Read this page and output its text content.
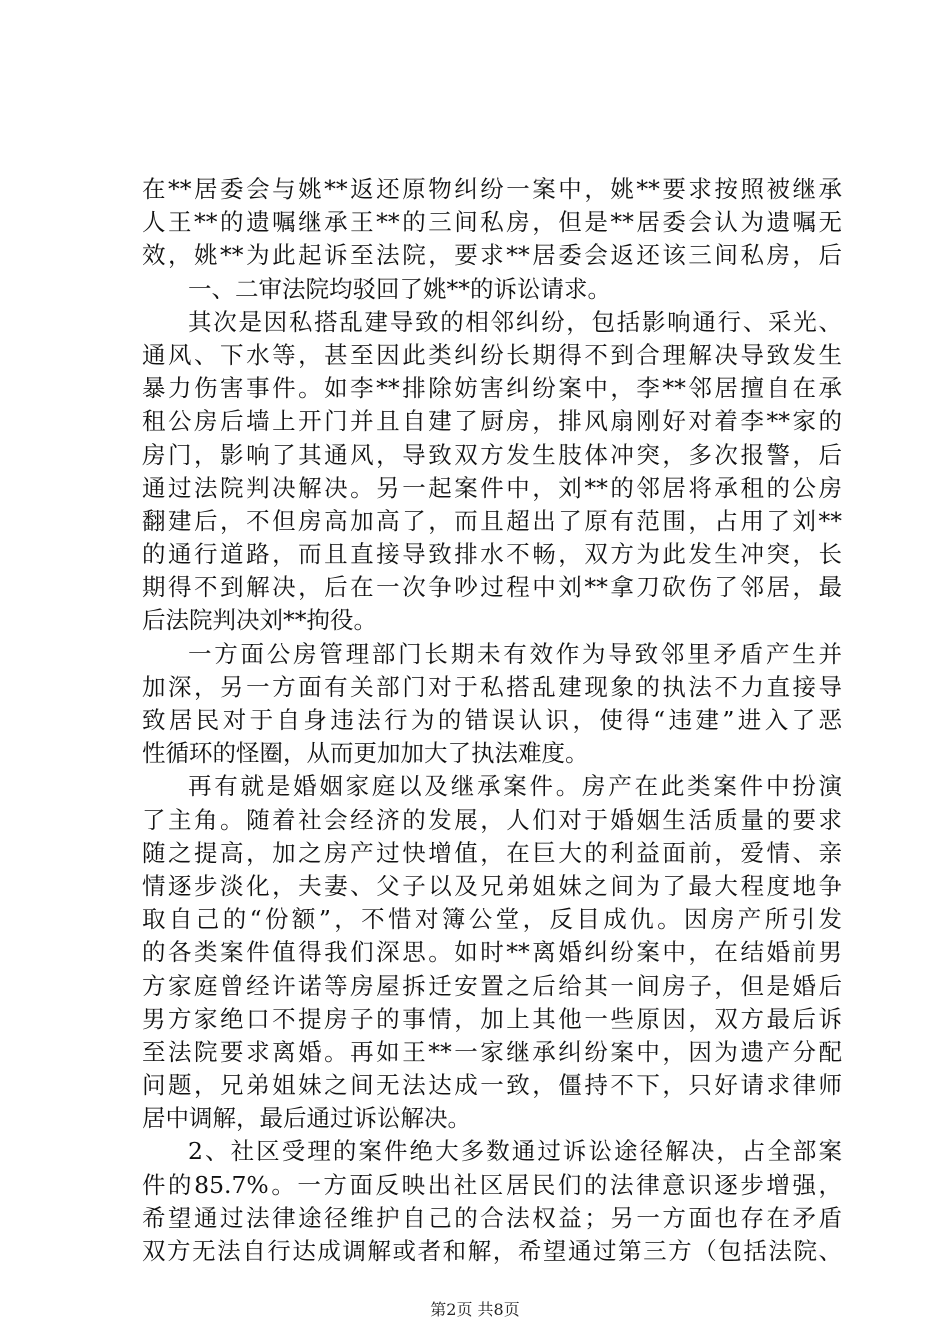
在**居委会与姚**返还原物纠纷一案中，姚**要求按照被继承
人王**的遗嘱继承王**的三间私房，但是**居委会认为遗嘱无
效，姚**为此起诉至法院，要求**居委会返还该三间私房，后
一、二审法院均驳回了姚**的诉讼请求。
其次是因私搭乱建导致的相邻纠纷，包括影响通行、采光、
通风、下水等，甚至因此类纠纷长期得不到合理解决导致发生
暴力伤害事件。如李**排除妨害纠纷案中，李**邻居擅自在承
租公房后墙上开门并且自建了厨房，排风扇刚好对着李**家的
房门，影响了其通风，导致双方发生肢体冲突，多次报警，后
通过法院判决解决。另一起案件中，刘**的邻居将承租的公房
翻建后，不但房高加高了，而且超出了原有范围，占用了刘**
的通行道路，而且直接导致排水不畅，双方为此发生冲突，长
期得不到解决，后在一次争吵过程中刘**拿刀砍伤了邻居，最
后法院判决刘**拘役。
一方面公房管理部门长期未有效作为导致邻里矛盾产生并
加深，另一方面有关部门对于私搭乱建现象的执法不力直接导
致居民对于自身违法行为的错误认识，使得“违建”进入了恶
性循环的怪圈，从而更加加大了执法难度。
再有就是婚姻家庭以及继承案件。房产在此类案件中扮演
了主角。随着社会经济的发展，人们对于婚姻生活质量的要求
随之提高，加之房产过快增值，在巨大的利益面前，爱情、亲
情逐步淡化，夫妻、父子以及兄弟姐妹之间为了最大程度地争
取自己的“份额”，不惜对簿公堂，反目成仇。因房产所引发
的各类案件值得我们深思。如时**离婚纠纷案中，在结婚前男
方家庭曾经许诺等房屋拆迁安置之后给其一间房子，但是婚后
男方家绝口不提房子的事情，加上其他一些原因，双方最后诉
至法院要求离婚。再如王**一家继承纠纷案中，因为遗产分配
问题，兄弟姐妹之间无法达成一致，僵持不下，只好请求律师
居中调解，最后通过诉讼解决。
2、社区受理的案件绝大多数通过诉讼途径解决，占全部案
件的85.7%。一方面反映出社区居民们的法律意识逐步增强，
希望通过法律途径维护自己的合法权益；另一方面也存在矛盾
双方无法自行达成调解或者和解，希望通过第三方（包括法院、
第2页 共8页
